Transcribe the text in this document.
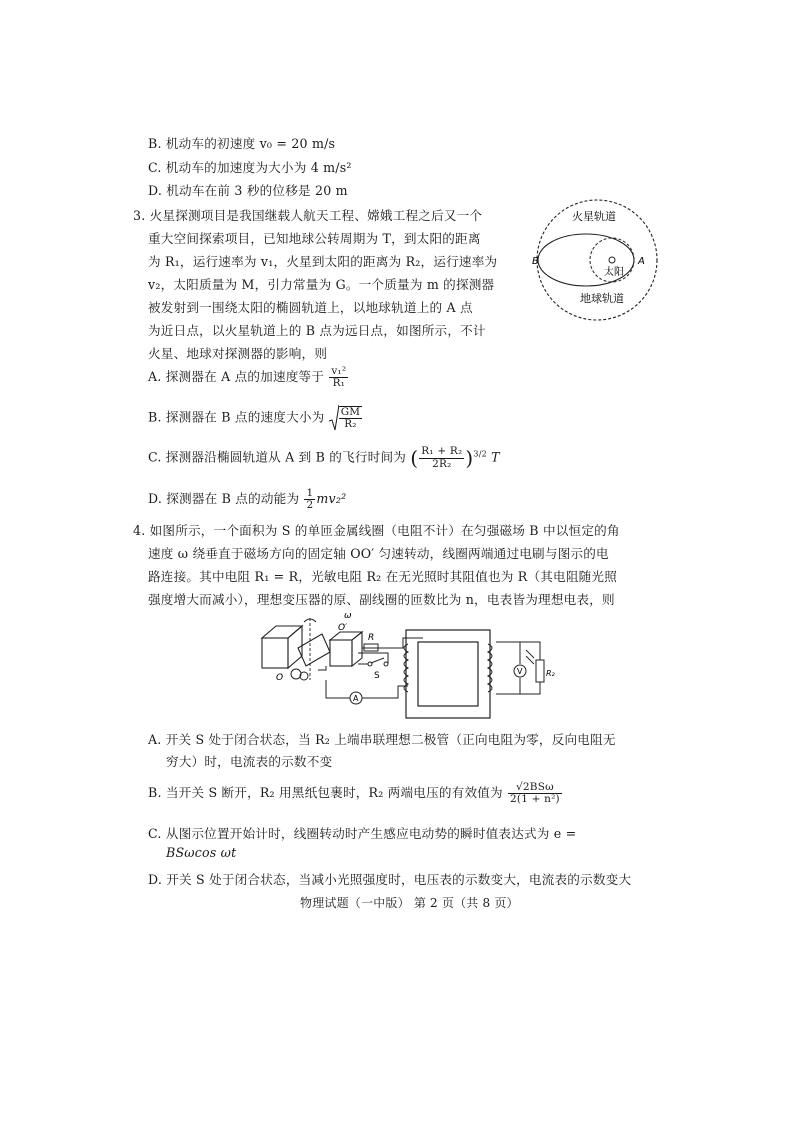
B. 机动车的初速度 v₀ = 20 m/s
C. 机动车的加速度为大小为 4 m/s²
D. 机动车在前 3 秒的位移是 20 m
3. 火星探测项目是我国继载人航天工程、嫦娥工程之后又一个
重大空间探索项目，已知地球公转周期为 T，到太阳的距离
为 R₁，运行速率为 v₁，火星到太阳的距离为 R₂，运行速率为
v₂，太阳质量为 M，引力常量为 G。一个质量为 m 的探测器
被发射到一围绕太阳的椭圆轨道上，以地球轨道上的 A 点
为近日点，以火星轨道上的 B 点为远日点，如图所示，不计
火星、地球对探测器的影响，则
火星轨道
地球轨道
太阳
A
B
A. 探测器在 A 点的加速度等于 $\frac{\text{v₁²}}{\text{R₁}}$
B. 探测器在 B 点的速度大小为 $\frac{GM}{\text{R₂}}$
C. 探测器沿椭圆轨道从 A 到 B 的飞行时间为 ( $\frac{\text{R₁ + R₂}}{\text{2R₂}} )^{3/2}$ T
D. 探测器在 B 点的动能为 $\frac{1}{2} mv_2^2$
4. 如图所示，一个面积为 S 的单匝金属线圈（电阻不计）在匀强磁场 B 中以恒定的角
速度 ω 绕垂直于磁场方向的固定轴 OO′ 匀速转动，线圈两端通过电刷与图示的电
路连接。其中电阻 R₁ = R，光敏电阻 R₂ 在无光照时其阻值也为 R（其电阻随光照
强度增大而减小），理想变压器的原、副线圈的匝数比为 n，电表皆为理想电表，则
ω
O′
O
R
S
A
V	R₂
A. 开关 S 处于闭合状态，当 R₂ 上端串联理想二极管（正向电阻为零，反向电阻无
穷大）时，电流表的示数不变
B. 当开关 S 断开，R₂ 用黑纸包裹时，R₂ 两端电压的有效值为 $\frac{\text{√2BSω}}{\text{2(1 + n²)}}$
C. 从图示位置开始计时，线圈转动时产生感应电动势的瞬时值表达式为 e =
BSωcos ωt
D. 开关 S 处于闭合状态，当减小光照强度时，电压表的示数变大，电流表的示数变大
物理试题（一中版） 第 2 页（共 8 页）
